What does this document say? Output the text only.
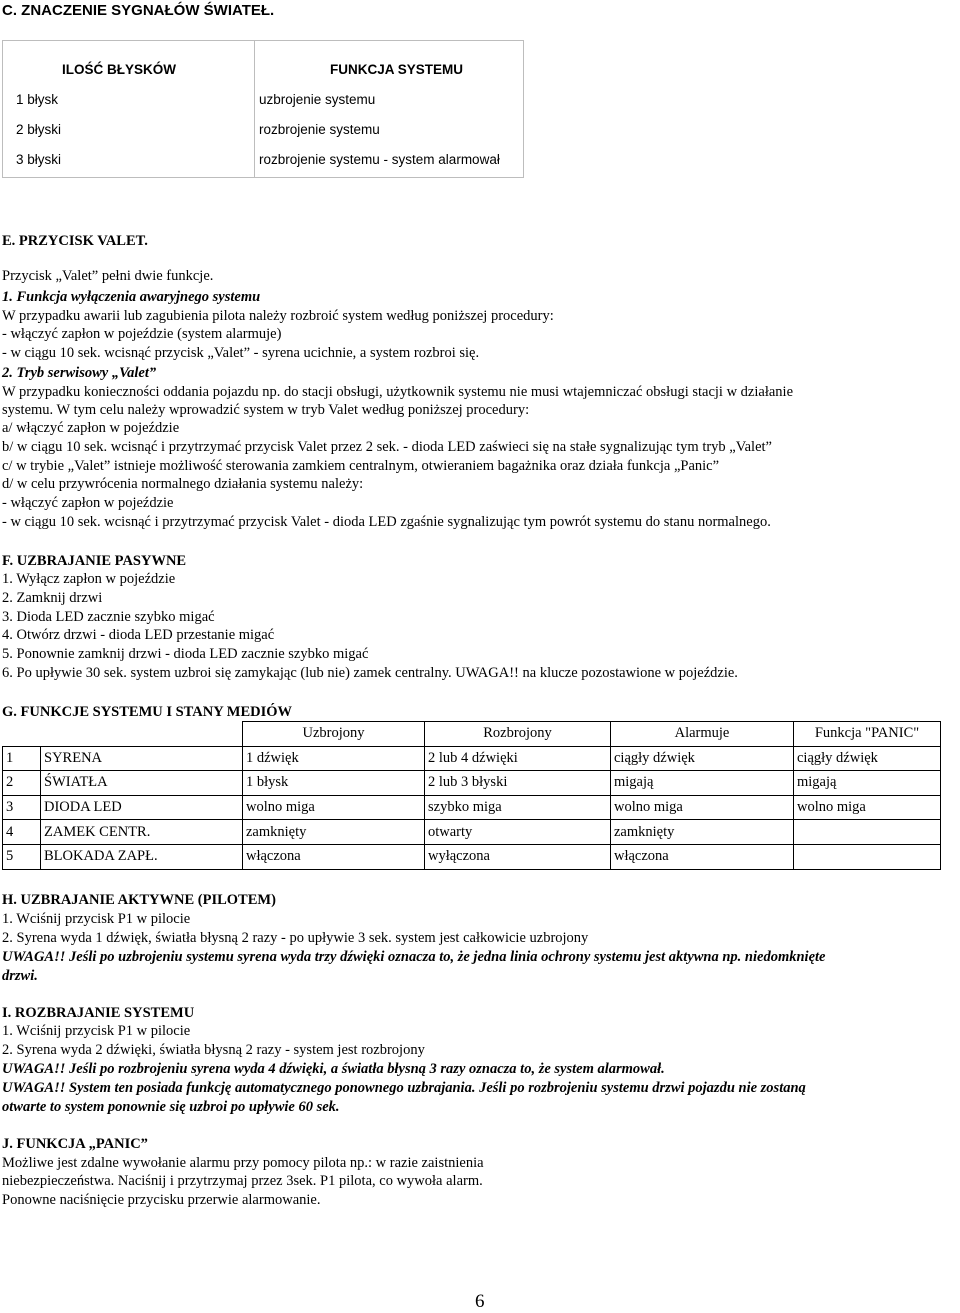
C. ZNACZENIE SYGNAŁÓW ŚWIATEŁ.
ILOŚĆ BŁYSKÓW	FUNKCJA SYSTEMU
1 błysk	uzbrojenie systemu
2 błyski	rozbrojenie systemu
3 błyski	rozbrojenie systemu - system alarmował
E. PRZYCISK VALET.
Przycisk „Valet” pełni dwie funkcje.
1. Funkcja wyłączenia awaryjnego systemu
W przypadku awarii lub zagubienia pilota należy rozbroić system według poniższej procedury:
- włączyć zapłon w pojeździe (system alarmuje)
- w ciągu 10 sek. wcisnąć przycisk „Valet” - syrena ucichnie, a system rozbroi się.
2. Tryb serwisowy „Valet”
W przypadku konieczności oddania pojazdu np. do stacji obsługi, użytkownik systemu nie musi wtajemniczać obsługi stacji w działanie
systemu. W tym celu należy wprowadzić system w tryb Valet według poniższej procedury:
a/ włączyć zapłon w pojeździe
b/ w ciągu 10 sek. wcisnąć i przytrzymać przycisk Valet przez 2 sek. - dioda LED zaświeci się na stałe sygnalizując tym tryb „Valet”
c/ w trybie „Valet” istnieje możliwość sterowania zamkiem centralnym, otwieraniem bagażnika oraz działa funkcja „Panic”
d/ w celu przywrócenia normalnego działania systemu należy:
- włączyć zapłon w pojeździe
- w ciągu 10 sek. wcisnąć i przytrzymać przycisk Valet - dioda LED zgaśnie sygnalizując tym powrót systemu do stanu normalnego.
F. UZBRAJANIE PASYWNE
1. Wyłącz zapłon w pojeździe
2. Zamknij drzwi
3. Dioda LED zacznie szybko migać
4. Otwórz drzwi - dioda LED przestanie migać
5. Ponownie zamknij drzwi - dioda LED zacznie szybko migać
6. Po upływie 30 sek. system uzbroi się zamykając (lub nie) zamek centralny. UWAGA!! na klucze pozostawione w pojeździe.
G. FUNKCJE SYSTEMU I STANY MEDIÓW
		Uzbrojony	Rozbrojony	Alarmuje	Funkcja "PANIC"
1	SYRENA	1 dźwięk	2 lub 4 dźwięki	ciągły dźwięk	ciągły dźwięk
2	ŚWIATŁA	1 błysk	2 lub 3 błyski	migają	migają
3	DIODA LED	wolno miga	szybko miga	wolno miga	wolno miga
4	ZAMEK CENTR.	zamknięty	otwarty	zamknięty	
5	BLOKADA ZAPŁ.	włączona	wyłączona	włączona	
H. UZBRAJANIE AKTYWNE (PILOTEM)
1. Wciśnij przycisk P1 w pilocie
2. Syrena wyda 1 dźwięk, światła błysną 2 razy - po upływie 3 sek. system jest całkowicie uzbrojony
UWAGA!! Jeśli po uzbrojeniu systemu syrena wyda trzy dźwięki oznacza to, że jedna linia ochrony systemu jest aktywna np. niedomknięte
drzwi.
I. ROZBRAJANIE SYSTEMU
1. Wciśnij przycisk P1 w pilocie
2. Syrena wyda 2 dźwięki, światła błysną 2 razy - system jest rozbrojony
UWAGA!! Jeśli po rozbrojeniu syrena wyda 4 dźwięki, a światła błysną 3 razy oznacza to, że system alarmował.
UWAGA!! System ten posiada funkcję automatycznego ponownego uzbrajania. Jeśli po rozbrojeniu systemu drzwi pojazdu nie zostaną
otwarte to system ponownie się uzbroi po upływie 60 sek.
J. FUNKCJA „PANIC”
Możliwe jest zdalne wywołanie alarmu przy pomocy pilota np.: w razie zaistnienia
niebezpieczeństwa. Naciśnij i przytrzymaj przez 3sek. P1 pilota, co wywoła alarm.
Ponowne naciśnięcie przycisku przerwie alarmowanie.
6
